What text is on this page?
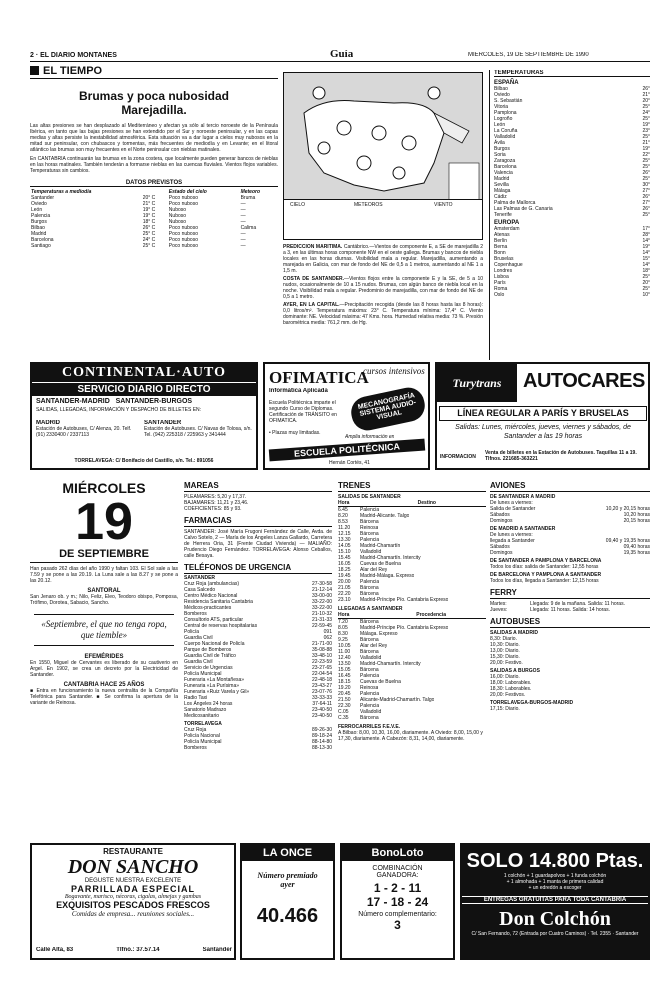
2 · EL DIARIO MONTAÑÉS	Guía	MIÉRCOLES, 19 DE SEPTIEMBRE DE 1990
EL TIEMPO
Brumas y poca nubosidad
Marejadilla.

Las altas presiones se han desplazado al Mediterráneo y afectan ya sólo al tercio noroeste de la Península Ibérica, en tanto que las bajas presiones se han extendido por el Sur y noroeste peninsular, y en las capas medias y altas persiste la inestabilidad atmosférica. Esta situación va a dar lugar a cielos muy nubosos en la mitad sur peninsular, con chubascos y tormentas, más frecuentes de mediodía y en Levante; en el litoral atlántico las brumas son muy frecuentes en el Norte peninsular con nieblas matinales.

En CANTABRIA continuarán las brumas en la zona costera, que localmente pueden generar bancos de nieblas en las horas matinales. También tenderán a formarse nieblas en las cuencas fluviales. Vientos flojos variables. Temperaturas sin cambios.

DATOS PREVISTOS
Temperaturas a mediodía		Estado del cielo	Meteoro
Santander	20° C	Poco nuboso	Bruma
Oviedo	21° C	Poco nuboso	—
León	19° C	Nuboso	—
Palencia	19° C	Nuboso	—
Burgos	18° C	Nuboso	—
Bilbao	26° C	Poco nuboso	Calima
Madrid	25° C	Poco nuboso	—
Barcelona	24° C	Poco nuboso	—
Santiago	25° C	Poco nuboso	—
CIELO	METEOROS	VIENTO

PREDICCIÓN MARÍTIMA. Cantábrico.—Vientos de componente E, a SE de marejadilla 2 a 3, en las últimas horas componente NW en el oeste gallega. Brumas y bancos de niebla locales en las horas diurnas. Visibilidad mala a regular. Marejadilla, aumentando a marejada en Galicia, con mar de fondo del NE de 0,5 a 1 metros, aumentando al NE 1 a 1,5 m.

COSTA DE SANTANDER.—Vientos flojos entre la componente E y la SE, de 5 a 10 nudos, ocasionalmente de 10 a 15 nudos. Brumas, con algún banco de niebla local en la noche. Visibilidad mala a regular. Predominio de marejadilla, con mar de fondo del NE de 0,5 a 1 metro.

AYER, EN LA CAPITAL.—Precipitación recogida (desde las 8 horas hasta las 8 horas): 0,0 litros/m². Temperatura máxima: 23° C. Temperatura mínima: 17,4° C. Viento dominante: NE. Velocidad máxima: 47 Kms. hora. Humedad relativa media: 73 %. Presión barométrica media: 761,2 mm. de Hg.

TEMPERATURAS
ESPAÑA
Bilbao	26°
Oviedo	21°
S. Sebastián	20°
Vitoria	25°
Pamplona	24°
Logroño	25°
León	19°
La Coruña	23°
Valladolid	25°
Ávila	21°
Burgos	19°
Soria	22°
Zaragoza	25°
Barcelona	25°
Valencia	26°
Madrid	25°
Sevilla	30°
Málaga	27°
Cádiz	26°
Palma de Mallorca	27°
Las Palmas de G. Canaria	26°
Tenerife	25°
EUROPA
Amsterdam	17°
Atenas	28°
Berlín	14°
Berna	19°
Bonn	14°
Bruselas	15°
Copenhague	14°
Londres	18°
Lisboa	25°
París	20°
Roma	25°
Oslo	10°
CONTINENTAL·AUTO
SERVICIO DIARIO DIRECTO
SANTANDER-MADRID   SANTANDER-BURGOS
SALIDAS, LLEGADAS, INFORMACIÓN Y DESPACHO DE BILLETES EN:
MADRID
Estación de Autobuses, C/ Alenza, 20. Telf. (91) 2330400 / 2337113
SANTANDER
Estación de Autobuses. C/ Navas de Tolosa, s/n. Tel. (942) 225318 / 225963 y 341444
TORRELAVEGA: C/ Bonifacio del Castillo, s/n. Tel.: 891056
OFIMATICA
cursos intensivos
Informática Aplicada
Escuela Politécnica imparte el segundo Curso de Diplomas. Certificación de TRÁNSITO en OFIMATICA.
• Plazas muy limitadas.
MECANOGRAFÍA SISTEMA AUDIO-VISUAL
Amplia información en
ESCUELA POLITÉCNICA
Hernán Cortés, 41
Turytrans	AUTOCARES
LÍNEA REGULAR A PARÍS Y BRUSELAS
Salidas: Lunes, miércoles, jueves, viernes y sábados, de Santander a las 19 horas
INFORMACIÓN
Venta de billetes en la Estación de Autobuses. Taquillas 11 a 19. Tlfnos. 221685-363221
MIÉRCOLES
19
DE SEPTIEMBRE

Han pasado 262 días del año 1990 y faltan 103. El Sol sale a las 7.59 y se pone a las 20.19. La Luna sale a las 8.27 y se pone a las 20.12.

SANTORAL

San Jenaro ob. y m.; Nilo, Feliz, Eleo, Teodoro obispo, Pomposa, Trófimo, Dorotea, Sabacio, Sancho.

«Septiembre, el que no tenga ropa, que tiemble»
EFEMÉRIDES

En 1550, Miguel de Cervantes es liberado de su cautiverio en Argel. En 1902, se crea un decreto por la Electricidad de Santander.

CANTABRIA HACE 25 AÑOS

■ Entra en funcionamiento la nueva centralita de la Compañía Telefónica para Santander. ■ Se confirma la apertura de la variante de Reinosa.

MAREAS
PLEAMARES: 5,20 y 17,37.
BAJAMARES: 11,21 y 23,46.
COEFICIENTES: 85 y 93.
FARMACIAS

SANTANDER: José María Frugoni Fernández de Calle, Avda. de Calvo Sotelo, 2 — María de los Ángeles Lanza Gallardo, Carretera de Herrera Oria, 31 (Frente Ciudad Vivienda) — MALIAÑO: Prudencio Diego Fernández. TORRELAVEGA: Alonso Ceballos, calle Besaya.

TELÉFONOS DE URGENCIA
SANTANDER
Cruz Roja (ambulancias)	27-30-58
Casa Salcedo	21-12-14
Centro Médico Nacional	33-00-00
Residencia Sanitaria Cantabria	33-22-00
Médicos-practicantes	33-22-00
Bomberos	21-10-32
Consultorio ATS, particular	21-31-33
Central de reservas hospitalarias	22-59-45
Policía	091
Guardia Civil	062
Cuerpo Nacional de Policía	21-71-00
Parque de Bomberos	35-08-88
Guardia Civil de Tráfico	33-48-10
Guardia Civil	22-23-59
Servicio de Urgencias	23-27-65
Policía Municipal	22-04-54
Funeraria «La Montañesa»	22-48-18
Funeraria «La Purísima»	23-43-27
Funeraria «Ruiz Varela y Gil»	23-07-76
Radio Taxi	33-33-33
Los Ángeles 24 horas	37-64-11
Sanatorio Madrazo	23-40-50
Medicosanitario	23-40-50
TORRELAVEGA
Cruz Roja	89-26-30
Policía Nacional	89-18-24
Policía Municipal	88-14-80
Bomberos	88-13-30
TRENES
SALIDAS DE SANTANDER
Hora	Destino
6.45	Palencia
8.20	Madrid-Alicante. Talgo
8.53	Bárcena
11.20	Reinosa
12.15	Bárcena
13.30	Palencia
14.05	Madrid-Chamartín
15.10	Valladolid
15.45	Madrid-Chamartín. Intercity
16.05	Cuevas de Buelna
18.25	Alar del Rey
19.45	Madrid-Málaga. Expreso
20.00	Palencia
21.05	Bárcena
22.20	Bárcena
23.10	Madrid-Príncipe Pío. Cantabria Expreso
LLEGADAS A SANTANDER
Hora	Procedencia
7.20	Bárcena
8.05	Madrid-Príncipe Pío. Cantabria Expreso
8.30	Málaga. Expreso
9.25	Bárcena
10.05	Alar del Rey
11.00	Bárcena
12.40	Valladolid
13.50	Madrid-Chamartín. Intercity
15.05	Bárcena
16.45	Palencia
18.15	Cuevas de Buelna
19.20	Reinosa
20.45	Palencia
21.50	Alicante-Madrid-Chamartín. Talgo
22.30	Palencia
C.05	Valladolid
C.35	Bárcena
FERROCARRILES F.E.V.E.

A Bilbao: 8,00, 10,30, 16,00, diariamente. A Oviedo: 8,00, 15,00 y 17,30, diariamente. A Cabezón: 8,31, 14,00, diariamente.

AVIONES
DE SANTANDER A MADRID
De lunes a viernes:
Salida de Santander	10,20 y 20,15 horas
Sábados	10,20 horas
Domingos	20,15 horas
DE MADRID A SANTANDER
De lunes a viernes:
llegada a Santander	09,40 y 19,35 horas
Sábados	09,40 horas
Domingos	19,35 horas
DE SANTANDER A PAMPLONA Y BARCELONA
Todos los días: salida de Santander: 12,55 horas
DE BARCELONA Y PAMPLONA A SANTANDER
Todos los días, llegada a Santander: 12,15 horas
FERRY
Martes:	Llegada: 9 de la mañana. Salida: 11 horas.
Jueves:	Llegada: 11 horas. Salida: 14 horas.
AUTOBUSES
SALIDAS A MADRID
8,30: Diario.
10,30: Diario.
13,00: Diario.
15,30: Diario.
20,00: Festivo.
SALIDAS A BURGOS
16,00: Diario.
18,00: Laborables.
18,30: Laborables.
20,00: Festivos.
TORRELAVEGA-BURGOS-MADRID
17,15: Diario.
RESTAURANTE
DON SANCHO
DEGUSTE NUESTRA EXCELENTE
PARRILLADA ESPECIAL
Bogavante, marisco, nécoras, cigalas, almejas y gambas
EXQUISITOS PESCADOS FRESCOS
Comidas de empresa... reuniones sociales...
Calle Alta, 83	Tlfno.: 37.57.14	Santander
LA ONCE
Número premiado ayer
40.466
BonoLoto
COMBINACIÓN GANADORA:
1 - 2 - 11
17 - 18 - 24
Número complementario:
3
SOLO 14.800 Ptas.
1 colchón + 1 guardapolvos + 1 funda colchón
+ 1 almohada + 1 manta de primera calidad
+ un edredón a escoger
ENTREGAS GRATUITAS PARA TODA CANTABRIA
Don Colchón
C/ San Fernando, 72 (Entrada por Cuatro Caminos) · Tel. 2355 · Santander
